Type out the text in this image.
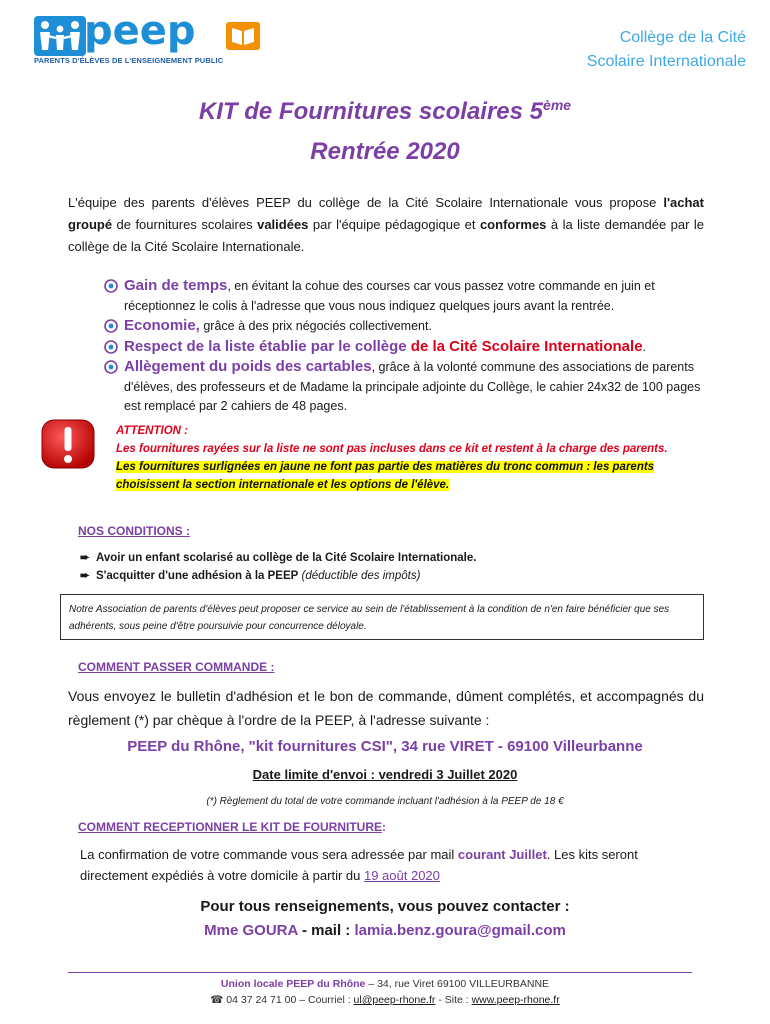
peep
PARENTS D'ÉLÈVES DE L'ENSEIGNEMENT PUBLIC
Collège de la Cité
Scolaire Internationale
KIT de Fournitures scolaires 5ème
Rentrée 2020
L'équipe des parents d'élèves PEEP du collège de la Cité Scolaire Internationale vous propose l'achat groupé de fournitures scolaires validées par l'équipe pédagogique et conformes à la liste demandée par le collège de la Cité Scolaire Internationale.
Gain de temps, en évitant la cohue des courses car vous passez votre commande en juin et réceptionnez le colis à l'adresse que vous nous indiquez quelques jours avant la rentrée.
Economie, grâce à des prix négociés collectivement.
Respect de la liste établie par le collège de la Cité Scolaire Internationale.
Allègement du poids des cartables, grâce à la volonté commune des associations de parents d'élèves, des professeurs et de Madame la principale adjointe du Collège, le cahier 24x32 de 100 pages est remplacé par 2 cahiers de 48 pages.
ATTENTION :
Les fournitures rayées sur la liste ne sont pas incluses dans ce kit et restent à la charge des parents.
Les fournitures surlignées en jaune ne font pas partie des matières du tronc commun : les parents choisissent la section internationale et les options de l'élève.
NOS CONDITIONS :
➨ Avoir un enfant scolarisé au collège de la Cité Scolaire Internationale.
➨ S'acquitter d'une adhésion à la PEEP (déductible des impôts)
Notre Association de parents d'élèves peut proposer ce service au sein de l'établissement à la condition de n'en faire bénéficier que ses adhérents, sous peine d'être poursuivie pour concurrence déloyale.
COMMENT PASSER COMMANDE :
Vous envoyez le bulletin d'adhésion et le bon de commande, dûment complétés, et accompagnés du règlement (*) par chèque à l'ordre de la PEEP, à l'adresse suivante :
PEEP du Rhône, "kit fournitures CSI", 34 rue VIRET - 69100 Villeurbanne
Date limite d'envoi : vendredi 3 Juillet 2020
(*) Règlement du total de votre commande incluant l'adhésion à la PEEP de 18 €
COMMENT RECEPTIONNER LE KIT DE FOURNITURE:
La confirmation de votre commande vous sera adressée par mail courant Juillet. Les kits seront directement expédiés à votre domicile à partir du 19 août 2020
Pour tous renseignements, vous pouvez contacter :
Mme GOURA - mail : lamia.benz.goura@gmail.com
Union locale PEEP du Rhône – 34, rue Viret 69100 VILLEURBANNE
☎ 04 37 24 71 00 – Courriel : ul@peep-rhone.fr - Site : www.peep-rhone.fr
